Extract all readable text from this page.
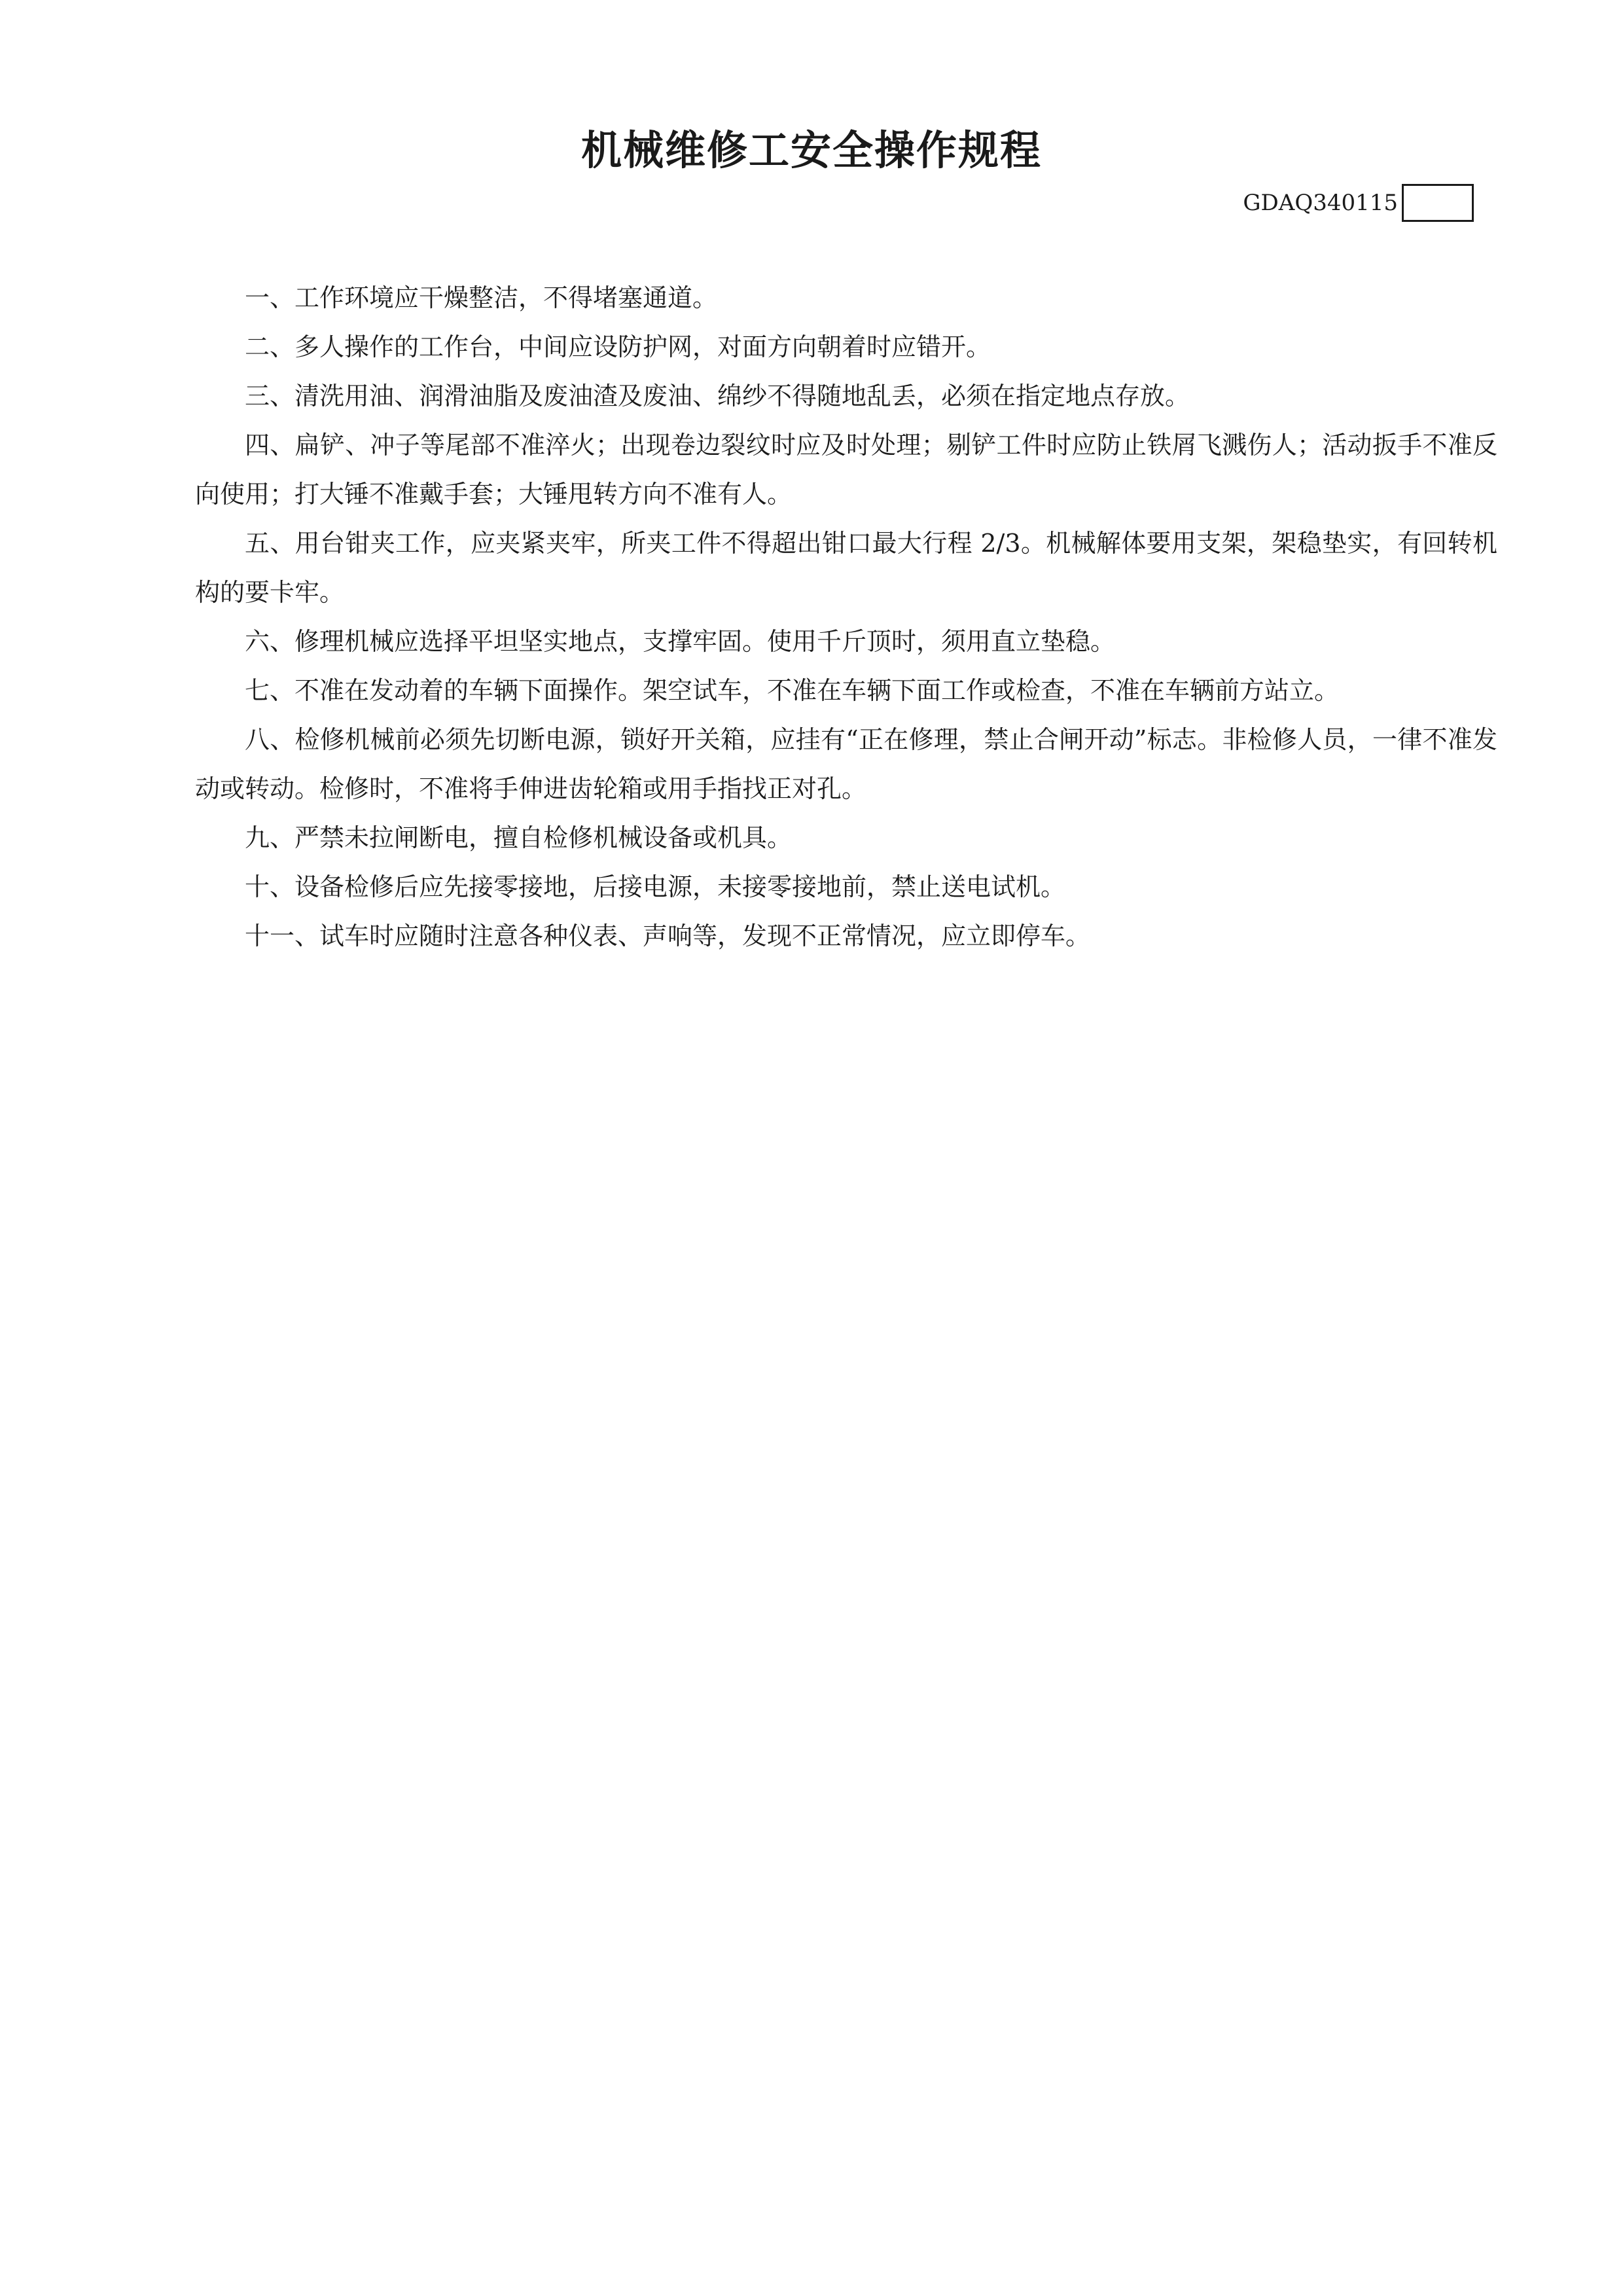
机械维修工安全操作规程
GDAQ340115

一、工作环境应干燥整洁，不得堵塞通道。

二、多人操作的工作台，中间应设防护网，对面方向朝着时应错开。

三、清洗用油、润滑油脂及废油渣及废油、绵纱不得随地乱丢，必须在指定地点存放。

四、扁铲、冲子等尾部不准淬火；出现卷边裂纹时应及时处理；剔铲工件时应防止铁屑飞溅伤人；活动扳手不准反向使用；打大锤不准戴手套；大锤甩转方向不准有人。

五、用台钳夹工作，应夹紧夹牢，所夹工件不得超出钳口最大行程 2/3。机械解体要用支架，架稳垫实，有回转机构的要卡牢。

六、修理机械应选择平坦坚实地点，支撑牢固。使用千斤顶时，须用直立垫稳。

七、不准在发动着的车辆下面操作。架空试车，不准在车辆下面工作或检查，不准在车辆前方站立。

八、检修机械前必须先切断电源，锁好开关箱，应挂有“正在修理，禁止合闸开动”标志。非检修人员，一律不准发动或转动。检修时，不准将手伸进齿轮箱或用手指找正对孔。

九、严禁未拉闸断电，擅自检修机械设备或机具。

十、设备检修后应先接零接地，后接电源，未接零接地前，禁止送电试机。

十一、试车时应随时注意各种仪表、声响等，发现不正常情况，应立即停车。
